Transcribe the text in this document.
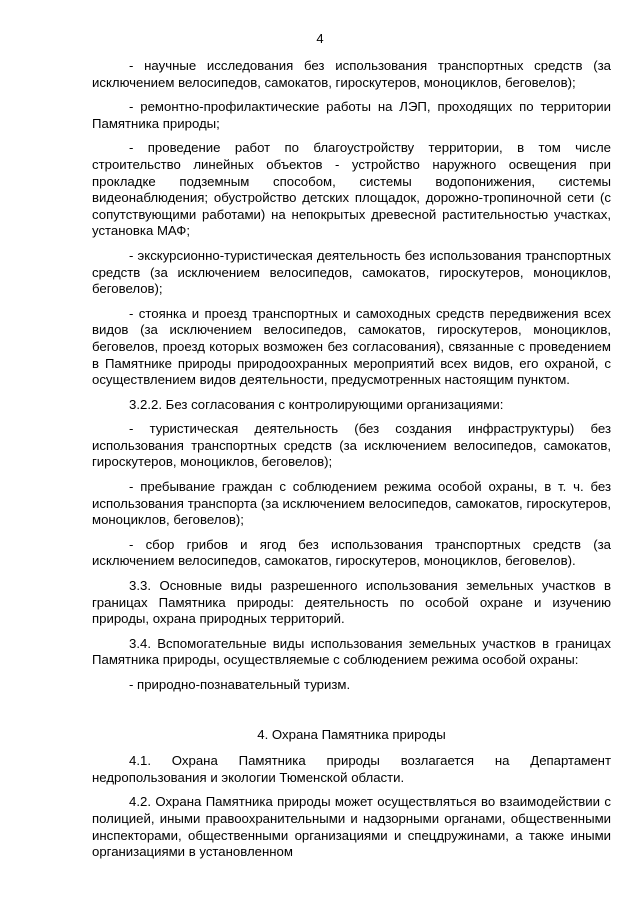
4

- научные исследования без использования транспортных средств (за исключением велосипедов, самокатов, гироскутеров, моноциклов, беговелов);

- ремонтно-профилактические работы на ЛЭП, проходящих по территории Памятника природы;

- проведение работ по благоустройству территории, в том числе строительство линейных объектов - устройство наружного освещения при прокладке подземным способом, системы водопонижения, системы видеонаблюдения; обустройство детских площадок, дорожно-тропиночной сети (с сопутствующими работами) на непокрытых древесной растительностью участках, установка МАФ;

- экскурсионно-туристическая деятельность без использования транспортных средств (за исключением велосипедов, самокатов, гироскутеров, моноциклов, беговелов);

- стоянка и проезд транспортных и самоходных средств передвижения всех видов (за исключением велосипедов, самокатов, гироскутеров, моноциклов, беговелов, проезд которых возможен без согласования), связанные с проведением в Памятнике природы природоохранных мероприятий всех видов, его охраной, с осуществлением видов деятельности, предусмотренных настоящим пунктом.

3.2.2. Без согласования с контролирующими организациями:

- туристическая деятельность (без создания инфраструктуры) без использования транспортных средств (за исключением велосипедов, самокатов, гироскутеров, моноциклов, беговелов);

- пребывание граждан с соблюдением режима особой охраны, в т. ч. без использования транспорта (за исключением велосипедов, самокатов, гироскутеров, моноциклов, беговелов);

- сбор грибов и ягод без использования транспортных средств (за исключением велосипедов, самокатов, гироскутеров, моноциклов, беговелов).

3.3. Основные виды разрешенного использования земельных участков в границах Памятника природы: деятельность по особой охране и изучению природы, охрана природных территорий.

3.4. Вспомогательные виды использования земельных участков в границах Памятника природы, осуществляемые с соблюдением режима особой охраны:

- природно-познавательный туризм.

4. Охрана Памятника природы

4.1. Охрана Памятника природы возлагается на Департамент недропользования и экологии Тюменской области.

4.2. Охрана Памятника природы может осуществляться во взаимодействии с полицией, иными правоохранительными и надзорными органами, общественными инспекторами, общественными организациями и спецдружинами, а также иными организациями в установленном
